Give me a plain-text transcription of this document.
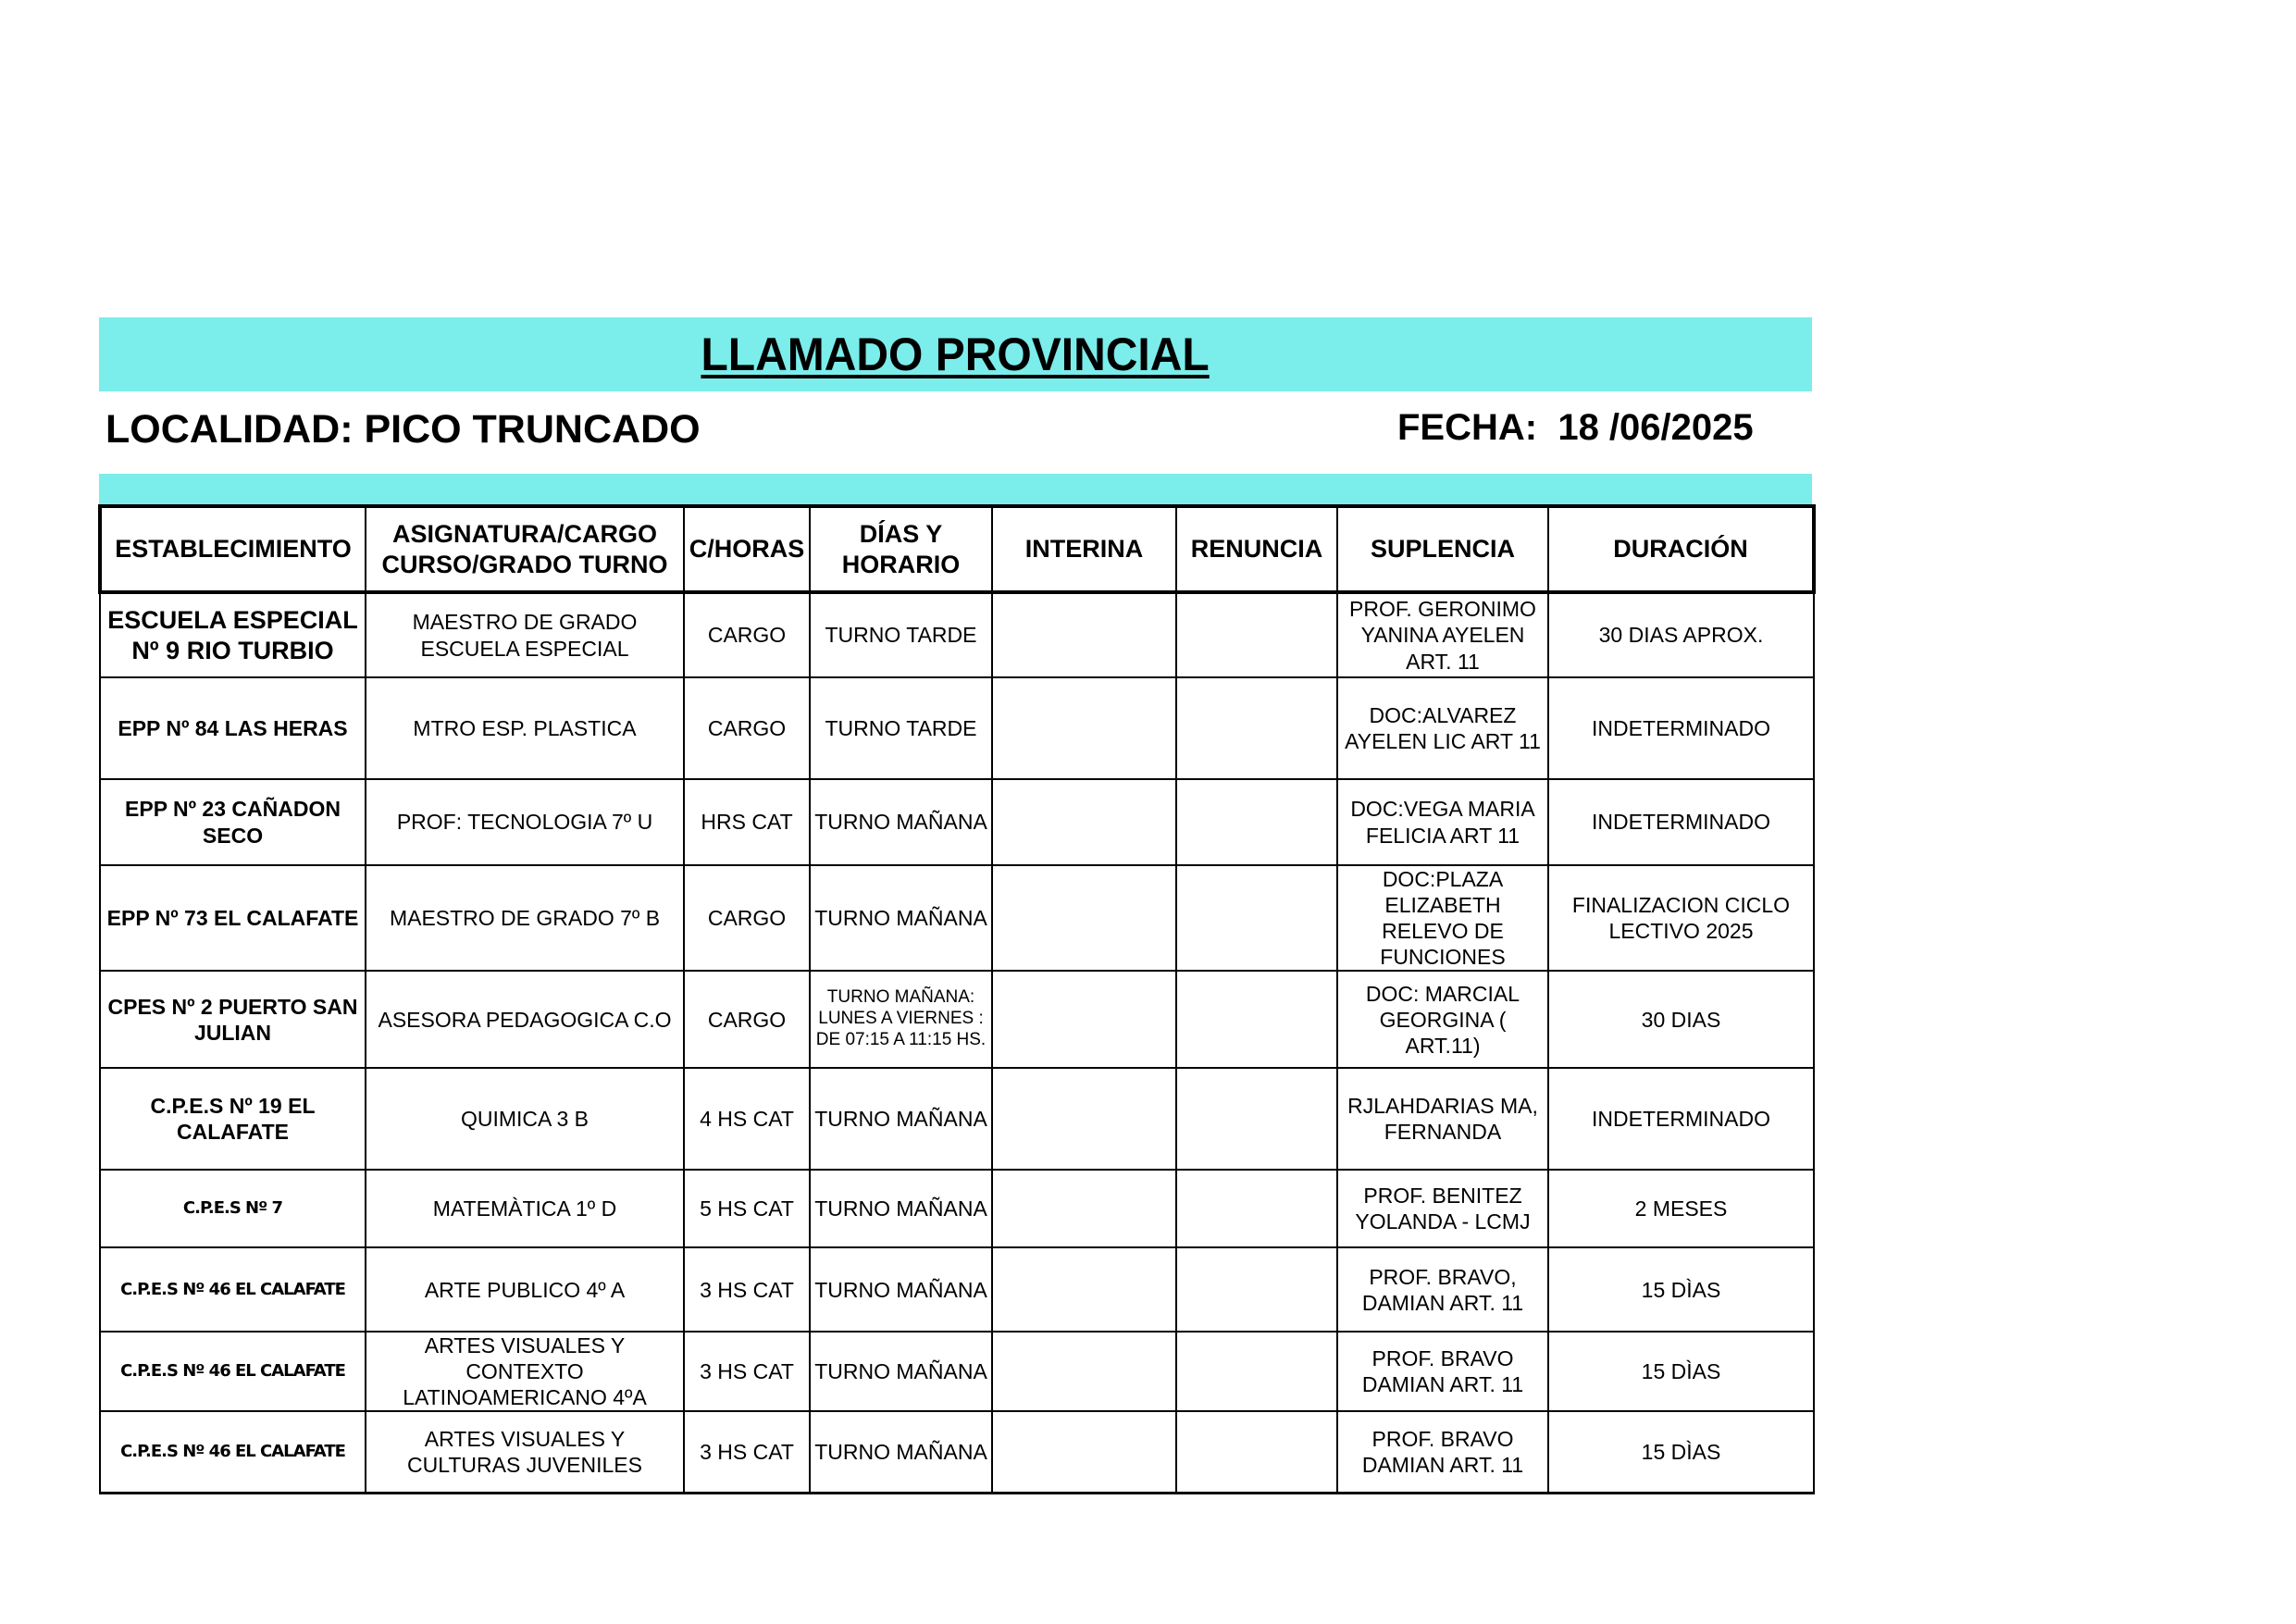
LLAMADO PROVINCIAL
LOCALIDAD: PICO TRUNCADO	FECHA:  18 /06/2025
ESTABLECIMIENTO	ASIGNATURA/CARGO CURSO/GRADO TURNO	C/HORAS	DÍAS Y HORARIO	INTERINA	RENUNCIA	SUPLENCIA	DURACIÓN
ESCUELA ESPECIAL Nº 9 RIO TURBIO	MAESTRO DE GRADO ESCUELA ESPECIAL	CARGO	TURNO TARDE			PROF. GERONIMO YANINA AYELEN ART. 11	30 DIAS APROX.
EPP Nº 84 LAS HERAS	MTRO ESP. PLASTICA	CARGO	TURNO TARDE			DOC:ALVAREZ AYELEN LIC ART 11	INDETERMINADO
EPP Nº 23 CAÑADON SECO	PROF: TECNOLOGIA 7º U	HRS CAT	TURNO MAÑANA			DOC:VEGA MARIA FELICIA ART 11	INDETERMINADO
EPP Nº 73 EL CALAFATE	MAESTRO DE GRADO 7º B	CARGO	TURNO MAÑANA			DOC:PLAZA ELIZABETH RELEVO DE FUNCIONES	FINALIZACION CICLO LECTIVO 2025
CPES Nº 2 PUERTO SAN JULIAN	ASESORA PEDAGOGICA C.O	CARGO	TURNO MAÑANA: LUNES A VIERNES : DE 07:15 A 11:15 HS.			DOC: MARCIAL GEORGINA ( ART.11)	30 DIAS
C.P.E.S Nº 19 EL CALAFATE	QUIMICA 3 B	4 HS CAT	TURNO MAÑANA			RJLAHDARIAS MA, FERNANDA	INDETERMINADO
C.P.E.S Nº 7	MATEMÀTICA 1º D	5 HS CAT	TURNO MAÑANA			PROF. BENITEZ YOLANDA - LCMJ	2 MESES
C.P.E.S Nº 46 EL CALAFATE	ARTE PUBLICO 4º A	3 HS CAT	TURNO MAÑANA			PROF. BRAVO, DAMIAN ART. 11	15 DÌAS
C.P.E.S Nº 46 EL CALAFATE	ARTES VISUALES Y CONTEXTO LATINOAMERICANO 4ºA	3 HS CAT	TURNO MAÑANA			PROF. BRAVO DAMIAN ART. 11	15 DÌAS
C.P.E.S Nº 46 EL CALAFATE	ARTES VISUALES Y CULTURAS JUVENILES	3 HS CAT	TURNO MAÑANA			PROF. BRAVO DAMIAN ART. 11	15 DÌAS
